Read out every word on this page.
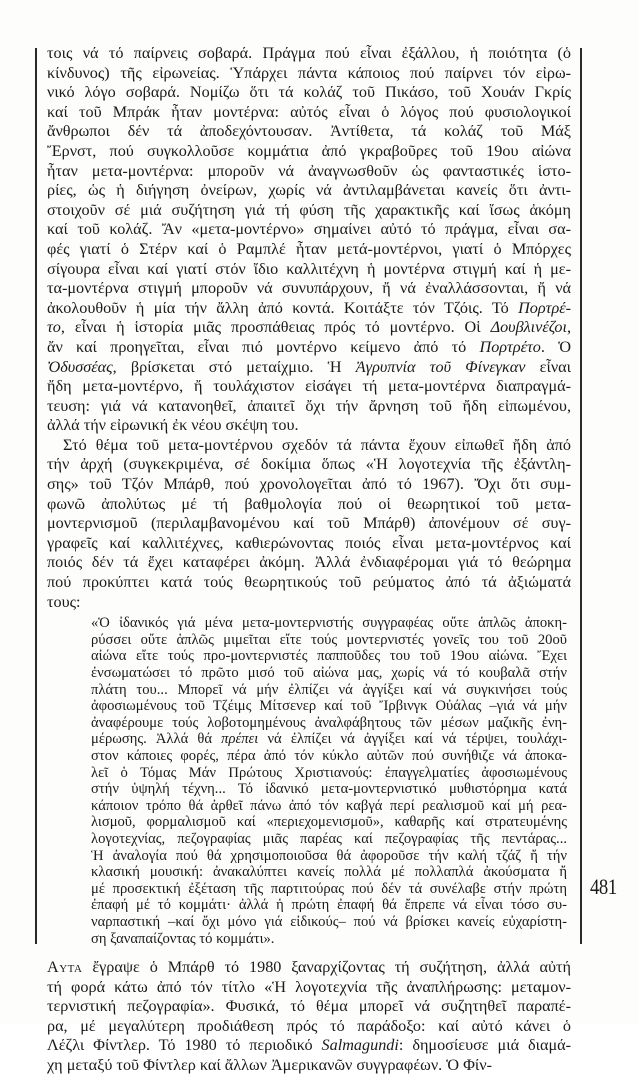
481
τοις νά τό παίρνεις σοβαρά. Πράγμα πού εἶναι ἐξάλλου, ἡ ποιότητα (ὁ
κίνδυνος) τῆς εἰρωνείας. Ὑπάρχει πάντα κάποιος πού παίρνει τόν εἰρω-
νικό λόγο σοβαρά. Νομίζω ὅτι τά κολάζ τοῦ Πικάσο, τοῦ Χουάν Γκρίς
καί τοῦ Μπράκ ἦταν μοντέρνα: αὐτός εἶναι ὁ λόγος πού φυσιολογικοί
ἄνθρωποι δέν τά ἀποδεχόντουσαν. Ἀντίθετα, τά κολάζ τοῦ Μάξ
Ἔρνστ, πού συγκολλοῦσε κομμάτια ἀπό γκραβοῦρες τοῦ 19ου αἰώνα
ἦταν μετα-μοντέρνα: μποροῦν νά ἀναγνωσθοῦν ὡς φανταστικές ἱστο-
ρίες, ὡς ἡ διήγηση ὀνείρων, χωρίς νά ἀντιλαμβάνεται κανείς ὅτι ἀντι-
στοιχοῦν σέ μιά συζήτηση γιά τή φύση τῆς χαρακτικῆς καί ἴσως ἀκόμη
καί τοῦ κολάζ. Ἄν «μετα-μοντέρνο» σημαίνει αὐτό τό πράγμα, εἶναι σα-
φές γιατί ὁ Στέρν καί ὁ Ραμπλέ ἦταν μετά-μοντέρνοι, γιατί ὁ Μπόρχες
σίγουρα εἶναι καί γιατί στόν ἴδιο καλλιτέχνη ἡ μοντέρνα στιγμή καί ἡ με-
τα-μοντέρνα στιγμή μποροῦν νά συνυπάρχουν, ἤ νά ἐναλλάσσονται, ἤ νά
ἀκολουθοῦν ἡ μία τήν ἄλλη ἀπό κοντά. Κοιτάξτε τόν Τζόις. Τό Πορτρέ-
το, εἶναι ἡ ἱστορία μιᾶς προσπάθειας πρός τό μοντέρνο. Οἱ Δουβλινέζοι,
ἄν καί προηγεῖται, εἶναι πιό μοντέρνο κείμενο ἀπό τό Πορτρέτο. Ὁ
Ὀδυσσέας, βρίσκεται στό μεταίχμιο. Ἡ Ἀγρυπνία τοῦ Φίνεγκαν εἶναι
ἤδη μετα-μοντέρνο, ἤ τουλάχιστον εἰσάγει τή μετα-μοντέρνα διαπραγμά-
τευση: γιά νά κατανοηθεῖ, ἀπαιτεῖ ὄχι τήν ἄρνηση τοῦ ἤδη εἰπωμένου,
ἀλλά τήν εἰρωνική ἐκ νέου σκέψη του.
Στό θέμα τοῦ μετα-μοντέρνου σχεδόν τά πάντα ἔχουν εἰπωθεῖ ἤδη ἀπό
τήν ἀρχή (συγκεκριμένα, σέ δοκίμια ὅπως «Ἡ λογοτεχνία τῆς ἐξάντλη-
σης» τοῦ Τζόν Μπάρθ, πού χρονολογεῖται ἀπό τό 1967). Ὄχι ὅτι συμ-
φωνῶ ἀπολύτως μέ τή βαθμολογία πού οἱ θεωρητικοί τοῦ μετα-
μοντερνισμοῦ (περιλαμβανομένου καί τοῦ Μπάρθ) ἀπονέμουν σέ συγ-
γραφεῖς καί καλλιτέχνες, καθιερώνοντας ποιός εἶναι μετα-μοντέρνος καί
ποιός δέν τά ἔχει καταφέρει ἀκόμη. Ἀλλά ἐνδιαφέρομαι γιά τό θεώρημα
πού προκύπτει κατά τούς θεωρητικούς τοῦ ρεύματος ἀπό τά ἀξιώματά
τους:
«Ὁ ἰδανικός γιά μένα μετα-μοντερνιστής συγγραφέας οὔτε ἁπλῶς ἀποκη-
ρύσσει οὔτε ἁπλῶς μιμεῖται εἴτε τούς μοντερνιστές γονεῖς του τοῦ 20οῦ
αἰώνα εἴτε τούς προ-μοντερνιστές παπποῦδες του τοῦ 19ου αἰώνα. Ἔχει
ἐνσωματώσει τό πρῶτο μισό τοῦ αἰώνα μας, χωρίς νά τό κουβαλᾶ στήν
πλάτη του... Μπορεῖ νά μήν ἐλπίζει νά ἀγγίξει καί νά συγκινήσει τούς
ἀφοσιωμένους τοῦ Τζέιμς Μίτσενερ καί τοῦ Ἴρβινγκ Οὐάλας –γιά νά μήν
ἀναφέρουμε τούς λοβοτομημένους ἀναλφάβητους τῶν μέσων μαζικῆς ἐνη-
μέρωσης. Ἀλλά θά πρέπει νά ἐλπίζει νά ἀγγίξει καί νά τέρψει, τουλάχι-
στον κάποιες φορές, πέρα ἀπό τόν κύκλο αὐτῶν πού συνήθιζε νά ἀποκα-
λεῖ ὁ Τόμας Μάν Πρώτους Χριστιανούς: ἐπαγγελματίες ἀφοσιωμένους
στήν ὑψηλή τέχνη... Τό ἰδανικό μετα-μοντερνιστικό μυθιστόρημα κατά
κάποιον τρόπο θά ἀρθεῖ πάνω ἀπό τόν καβγά περί ρεαλισμοῦ καί μή ρεα-
λισμοῦ, φορμαλισμοῦ καί «περιεχομενισμοῦ», καθαρῆς καί στρατευμένης
λογοτεχνίας, πεζογραφίας μιᾶς παρέας καί πεζογραφίας τῆς πεντάρας...
Ἡ ἀναλογία πού θά χρησιμοποιοῦσα θά ἀφοροῦσε τήν καλή τζάζ ἤ τήν
κλασική μουσική: ἀνακαλύπτει κανείς πολλά μέ πολλαπλά ἀκούσματα ἤ
μέ προσεκτική ἐξέταση τῆς παρτιτούρας πού δέν τά συνέλαβε στήν πρώτη
ἐπαφή μέ τό κομμάτι· ἀλλά ἡ πρώτη ἐπαφή θά ἔπρεπε νά εἶναι τόσο συ-
ναρπαστική –καί ὄχι μόνο γιά εἰδικούς– πού νά βρίσκει κανείς εὐχαρίστη-
ση ξαναπαίζοντας τό κομμάτι».
Αυτα ἔγραψε ὁ Μπάρθ τό 1980 ξαναρχίζοντας τή συζήτηση, ἀλλά αὐτή
τή φορά κάτω ἀπό τόν τίτλο «Ἡ λογοτεχνία τῆς ἀναπλήρωσης: μεταμον-
τερνιστική πεζογραφία». Φυσικά, τό θέμα μπορεῖ νά συζητηθεῖ παραπέ-
ρα, μέ μεγαλύτερη προδιάθεση πρός τό παράδοξο: καί αὐτό κάνει ὁ
Λέζλι Φίντλερ. Τό 1980 τό περιοδικό Salmagundi: δημοσίευσε μιά διαμά-
χη μεταξύ τοῦ Φίντλερ καί ἄλλων Ἀμερικανῶν συγγραφέων. Ὁ Φίν-
